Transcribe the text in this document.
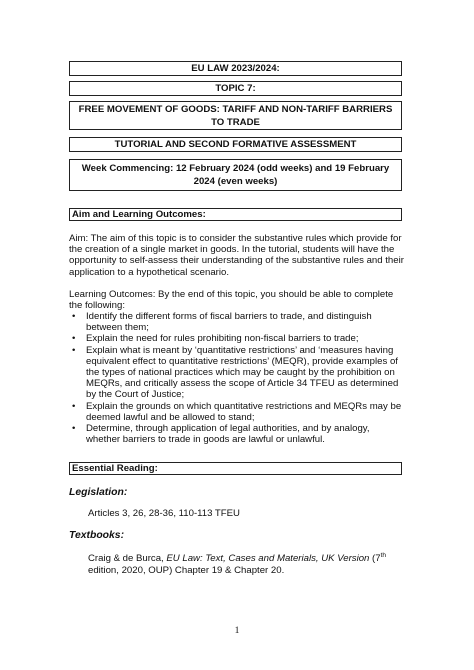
EU LAW 2023/2024:
TOPIC 7:
FREE MOVEMENT OF GOODS: TARIFF AND NON-TARIFF BARRIERS TO TRADE
TUTORIAL AND SECOND FORMATIVE ASSESSMENT
Week Commencing: 12 February 2024 (odd weeks) and 19 February 2024 (even weeks)
Aim and Learning Outcomes:
Aim: The aim of this topic is to consider the substantive rules which provide for the creation of a single market in goods. In the tutorial, students will have the opportunity to self-assess their understanding of the substantive rules and their application to a hypothetical scenario.
Learning Outcomes: By the end of this topic, you should be able to complete the following:
• Identify the different forms of fiscal barriers to trade, and distinguish between them;
• Explain the need for rules prohibiting non-fiscal barriers to trade;
• Explain what is meant by ‘quantitative restrictions’ and ‘measures having equivalent effect to quantitative restrictions’ (MEQR), provide examples of the types of national practices which may be caught by the prohibition on MEQRs, and critically assess the scope of Article 34 TFEU as determined by the Court of Justice;
• Explain the grounds on which quantitative restrictions and MEQRs may be deemed lawful and be allowed to stand;
• Determine, through application of legal authorities, and by analogy, whether barriers to trade in goods are lawful or unlawful.
Essential Reading:
Legislation:
Articles 3, 26, 28-36, 110-113 TFEU
Textbooks:
Craig & de Burca, EU Law: Text, Cases and Materials, UK Version (7th edition, 2020, OUP) Chapter 19 & Chapter 20.
1
